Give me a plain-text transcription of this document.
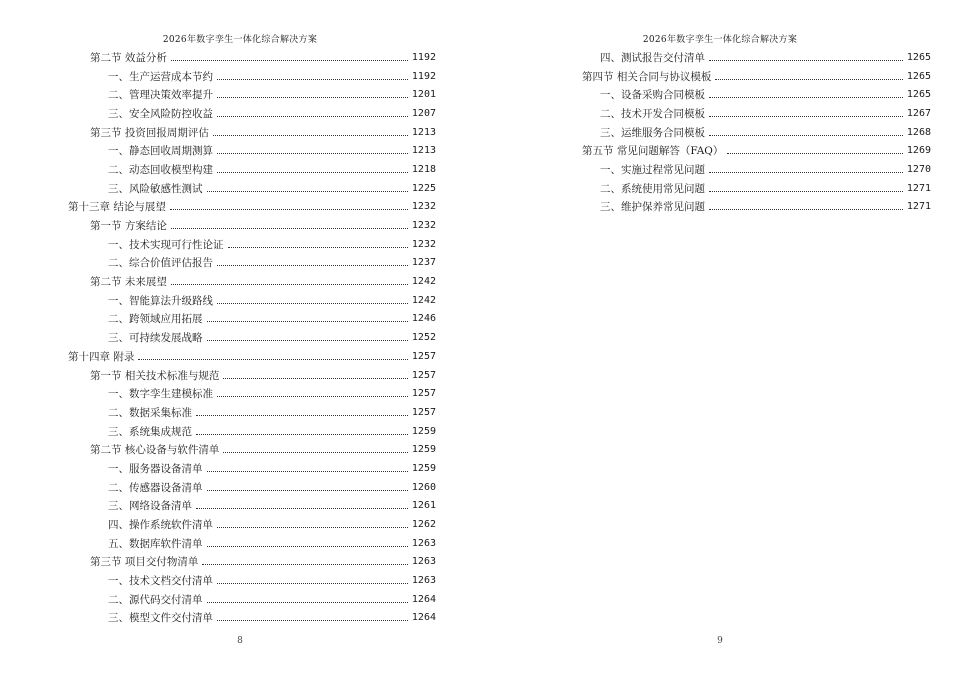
2026年数字孪生一体化综合解决方案
第二节 效益分析	1192
一、生产运营成本节约	1192
二、管理决策效率提升	1201
三、安全风险防控收益	1207
第三节 投资回报周期评估	1213
一、静态回收周期测算	1213
二、动态回收模型构建	1218
三、风险敏感性测试	1225
第十三章 结论与展望	1232
第一节 方案结论	1232
一、技术实现可行性论证	1232
二、综合价值评估报告	1237
第二节 未来展望	1242
一、智能算法升级路线	1242
二、跨领域应用拓展	1246
三、可持续发展战略	1252
第十四章 附录	1257
第一节 相关技术标准与规范	1257
一、数字孪生建模标准	1257
二、数据采集标准	1257
三、系统集成规范	1259
第二节 核心设备与软件清单	1259
一、服务器设备清单	1259
二、传感器设备清单	1260
三、网络设备清单	1261
四、操作系统软件清单	1262
五、数据库软件清单	1263
第三节 项目交付物清单	1263
一、技术文档交付清单	1263
二、源代码交付清单	1264
三、模型文件交付清单	1264
8
2026年数字孪生一体化综合解决方案
四、测试报告交付清单	1265
第四节 相关合同与协议模板	1265
一、设备采购合同模板	1265
二、技术开发合同模板	1267
三、运维服务合同模板	1268
第五节 常见问题解答（FAQ）	1269
一、实施过程常见问题	1270
二、系统使用常见问题	1271
三、维护保养常见问题	1271
9
